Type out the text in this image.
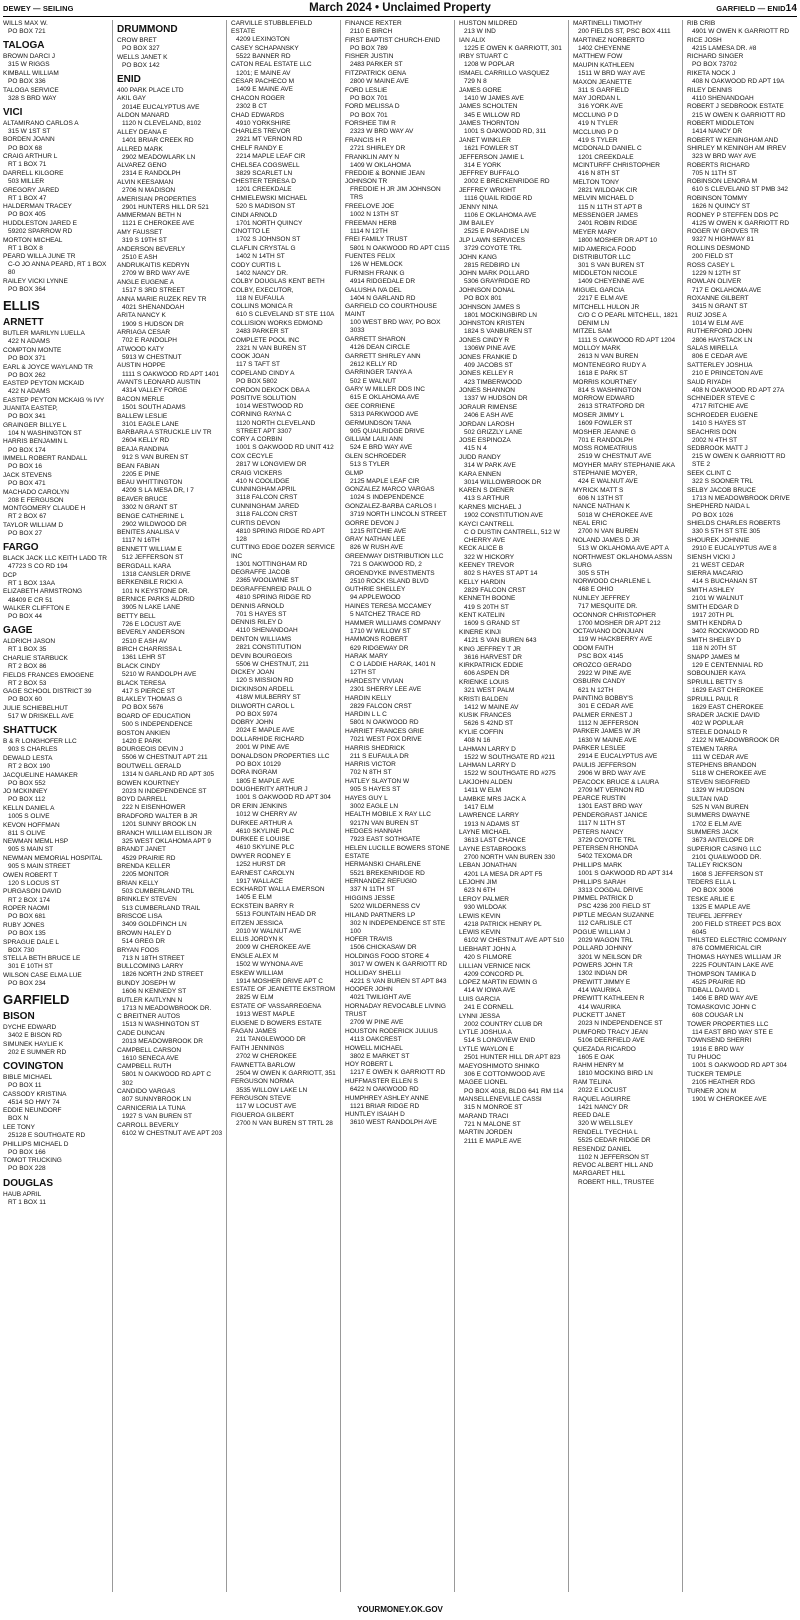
DEWEY — SEILING	March 2024 • Unclaimed Property	GARFIELD — ENID14
WILLS MAX W.
PO BOX 721
TALOGA
BROWN DARCI J
315 W RIGGS
KIMBALL WILLIAM
PO BOX 336
TALOGA SERVICE
328 S BRD WAY
VICI
ALTAMIRANO CARLOS A
315 W 1ST ST
BORDEN JOANN
PO BOX 68
CRAIG ARTHUR L
RT 1 BOX 71
DARRELL KILGORE
503 MILLER
GREGORY JARED
RT 1 BOX 47
HALDERMAN TRACEY
PO BOX 405
HUDDLESTON JARED E
59202 SPARROW RD
MORTON MICHEAL
RT 1 BOX 8
PEARD WILLA JUNE TR
C-O JO ANNA PEARD, RT 1 BOX 80
RAILEY VICKI LYNNE
PO BOX 364
ELLIS
ARNETT
BUTLER MARILYN LUELLA
422 N ADAMS
COMPTON MONTE
PO BOX 371
EARL & JOYCE WAYLAND TR
PO BOX 262
EASTEP PEYTON MCKAID
422 N ADAMS
EASTEP PEYTON MCKAIG % IVY JUANITA EASTEP,
PO BOX 341
GRAINGER BILLYE L
104 N WASHINGTON ST
HARRIS BENJAMIN L
PO BOX 174
IMMELL ROBERT RANDALL
PO BOX 16
JACK STEVENS
PO BOX 471
MACHADO CAROLYN
208 E FERGUSON
MONTGOMERY CLAUDE H
RT 2 BOX 67
TAYLOR WILLIAM D
PO BOX 27
FARGO
BLACK JACK LLC KEITH LADD TR
47723 S CO RD 194
DCP
RT 1 BOX 13AA
ELIZABETH ARMSTRONG
48409 E CR 51
WALKER CLIFFTON E
PO BOX 44
GAGE
ALDRICH JASON
RT 1 BOX 35
CHARLIE STARBUCK
RT 2 BOX 86
FIELDS FRANCES EMOGENE
RT 2 BOX 53
GAGE SCHOOL DISTRICT 39
PO BOX 60
JULIE SCHIEBELHUT
517 W DRISKELL AVE
SHATTUCK
B & R LONGHOFER LLC
903 S CHARLES
DEWALD LESTA
RT 2 BOX 190
JACQUELINE HAMAKER
PO BOX 552
JO MCKINNEY
PO BOX 112
KELLN DANIEL A
1005 S OLIVE
KEVON HOFFMAN
811 S OLIVE
NEWMAN MEML HSP
905 S MAIN ST
NEWMAN MEMORIAL HOSPITAL
905 S MAIN STREET
OWEN ROBERT T
120 S LOCUS ST
PURGASON DAVID
RT 2 BOX 174
ROPER NAOMI
PO BOX 681
RUBY JONES
PO BOX 135
SPRAGUE DALE L
BOX 730
STELLA BETH BRUCE LE
301 E 10TH ST
WILSON CASE ELMA LUE
PO BOX 234
GARFIELD
BISON
DYCHE EDWARD
3402 E BISON RD
SIMUNEK HAYLIE K
202 E SUMNER RD
COVINGTON
BIBLE MICHAEL
PO BOX 11
CASSODY KRISTINA
4514 SO HWY 74
EDDIE NEUNDORF
BOX N
LEE TONY
25128 E SOUTHGATE RD
PHILLIPS MICHAEL D
PO BOX 166
TOMOT TRUCKING
PO BOX 228
DOUGLAS
HAUB APRIL
RT 1 BOX 11
DRUMMOND
CROW BRET
PO BOX 327
WELLS JANET K
PO BOX 142
ENID
400 PARK PLACE LTD
AKIL GAY
2014E EUCALYPTUS AVE
ALDON MANARD
1120 N CLEVELAND, 8102
ALLEY DEANA E
1401 BRIAR CREEK RD
ALLRED MARK
2902 MEADOWLARK LN
ALVAREZ GENO
2314 E RANDOLPH
ALVIN KEESAMAN
2706 N MADISON
AMERISIAN PROPERTIES
2901 HUNTERS HILL DR 521
AMMERMAN BETH N
1121 E CHEROKEE AVE
AMY FAUSSET
319 S 19TH ST
ANDERSON BEVERLY
2510 E ASH
ANDRUKAITIS KEDRYN
2709 W BRD WAY AVE
ANGLE EUGENE A
1517 S 3RD STREET
ANNA MARIE RUZEK REV TR
4021 SHENANDOAH
ARITA NANCY K
1909 S HUDSON DR
ARRIAGA CESAR
702 E RANDOLPH
ATWOOD KATY
5913 W CHESTNUT
AUSTIN HOPPE
1111 S OAKWOOD RD APT 1401
AVANTS LEONARD AUSTIN
4314 VALLEY FORGE
BACON MERLE
1501 SOUTH ADAMS
BALLEW LESLIE
3101 EAGLE LANE
BARBARA A STRUCKLE LIV TR
2604 KELLY RD
BEAJA RANDINA
912 S VAN BUREN ST
BEAN FABIAN
2205 E PINE
BEAU WHITTINGTON
4209 S LA MESA DR, I 7
BEAVER BRUCE
3302 N GRANT ST
BENGE CATHERINE L
2902 WILDWOOD DR
BENITES ANALISA V
1117 N 16TH
BENNETT WILLIAM E
512 JEFFERSON ST
BERGDALL KARA
1318 CANSLER DRIVE
BERKENBILE RICKI A
101 N KEYSTONE DR.
BERNICE PARKS ALDRID
3905 N LAKE LANE
BETTY BELL
726 E LOCUST AVE
BEVERLY ANDERSON
2510 E ASH AV
BIRCH CHARRISSA L
1361 LEHR ST
BLACK CINDY
5210 W RANDOLPH AVE
BLACK TERESA
417 S PIERCE ST
BLAKLEY THOMAS G
PO BOX 5676
BOARD OF EDUCATION
500 S INDEPENDENCE
BOSTON ANKIEN
1420 E PARK
BOURGEOIS DEVIN J
5506 W CHESTNUT APT 211
BOUTWELL GERALD
1314 N GARLAND RD APT 305
BOWEN KOURTNEY
2023 N INDEPENDENCE ST
BOYD DARRELL
222 N EISENHOWER
BRADFORD WALTER B JR
1201 SUNNY BROOK LN
BRANCH WILLIAM ELLISON JR
325 WEST OKLAHOMA APT 9
BRANDT JANET
4529 PRAIRIE RD
BRENDA KELLER
2205 MONITOR
BRIAN KELLY
503 CUMBERLAND TRL
BRINKLEY STEVEN
513 CUMBERLAND TRAIL
BRISCOE LISA
3409 GOLDFINCH LN
BROWN HALEY D
514 GREG DR
BRYAN FOOS
713 N 18TH STREET
BULLCOMING LARRY
1826 NORTH 2ND STREET
BUNDY JOSEPH W
1606 N KENNEDY ST
BUTLER KAITLYNN N
1713 N MEADOWBROOK DR.
C BREITNER AUTOS
1513 N WASHINGTON ST
CADE DUNCAN
2013 MEADOWBROOK DR
CAMPBELL CARSON
1610 SENECA AVE
CAMPBELL RUTH
5801 N OAKWOOD RD APT C 302
CANDIDO VARGAS
807 SUNNYBROOK LN
CARNICERIA LA TUNA
1927 S VAN BUREN ST
CARROLL BEVERLY
6102 W CHESTNUT AVE APT 203
CARVILLE STUBBLEFIELD ESTATE
4209 LEXINGTON
CASEY SCHAPANSKY
5522 BANNER RD
CATON REAL ESTATE LLC
1201; E MAINE AV
CESAR PACHECO M
1409 E MAINE AVE
CHACON ROGER
2302 B CT
CHAD EDWARDS
4910 YORKSHIRE
CHARLES TREVOR
2921 MT VERNON RD
CHELF RANDY E
2214 MAPLE LEAF CIR
CHELSEA COGSWELL
3829 SCARLET LN
CHESTER TERESA D
1201 CREEKDALE
CHMIELEWSKI MICHAEL
520 S MADISON ST
CINDI ARNOLD
1701 NORTH QUINCY
CINOTTO LE
1702 S JOHNSON ST
CLAFLIN CRYSTAL G
1402 N 14TH ST
CODY CURTIS L
1402 NANCY DR.
COLBY DOUGLAS KENT BETH COLBY, EXECUTOR,
118 N EUFAULA
COLLINS MONICA R
610 S CLEVELAND ST STE 110A
COLLISION WORKS EDMOND
2483 PARKER ST
COMPLETE POOL INC
2321 N VAN BUREN ST
COOK JOAN
117 S TAFT ST
COPELAND CINDY A
PO BOX 5802
CORDON DEKOCK DBA A POSITIVE SOLUTION
1014 WESTWOOD RD
CORNING RAYNA C
1120 NORTH CLEVELAND STREET APT 3307
CORY A CORBIN
1001 S OAKWOOD RD UNIT 412
COX CECYLE
2817 W LONGVIEW DR
CRAIG VICKERS
410 N COOLIDGE
CUNNINGHAM APRIL
3118 FALCON CRST
CUNNINGHAM JARED
3118 FALCON CRST
CURTIS DEVON
4810 SPRING RIDGE RD APT 128
CUTTING EDGE DOZER SERVICE INC
1301 NOTTINGHAM RD
DEGRAFFE JACOB
2365 WOOLWINE ST
DEGRAFFENREID PAUL O
4810 SPRING RIDGE RD
DENNIS ARNOLD
701 S HAYES ST
DENNIS RILEY D
4110 SHENANDOAH
DENTON WILLIAMS
2821 CONSTITUTION
DEVIN BOURGEOIS
5506 W CHESTNUT, 211
DICKEY JOAN
120 S MISSION RD
DICKINSON ARDELL
418W MULBERRY ST
DILWORTH CAROL L
PO BOX 5974
DOBRY JOHN
2024 E MAPLE AVE
DOLLARHIDE RICHARD
2001 W PINE AVE
DONALDSON PROPERTIES LLC
PO BOX 10129
DORA INGRAM
1805 E MAPLE AVE
DOUGHERITY ARTHUR J
1001 S OAKWOOD RD APT 304
DR ERIN JENKINS
1012 W CHERRY AV
DURKEE ARTHUR A
4610 SKYLINE PLC
DURKEE E LOUISE
4610 SKYLINE PLC
DWYER RODNEY E
1252 HURST DR
EARNEST CAROLYN
1917 WALLACE
ECKHARDT WALLA EMERSON
1405 E ELM
ECKSTEIN BARRY R
5513 FOUNTAIN HEAD DR
EITZEN JESSICA
2010 W WALNUT AVE
ELLIS JORDYN K
2009 W CHEROKEE AVE
ENGLE ALEX M
1502 W WYNONA AVE
ESKEW WILLIAM
1914 MOSHER DRIVE APT C
ESTATE OF JEANETTE EKSTROM
2825 W ELM
ESTATE OF VASSARREGENA
1913 WEST MAPLE
EUGENE D BOWERS ESTATE
FAGAN JAMES
211 TANGLEWOOD DR
FAITH JENNINGS
2702 W CHEROKEE
FAWNETTA BARLOW
2504 W OWEN K GARRIOTT, 351
FERGUSON NORMA
3535 WILLOW LAKE LN
FERGUSON STEVE
117 W LOCUST AVE
FIGUEROA GILBERT
2700 N VAN BUREN ST TRTL 28
FINANCE REXTER
2110 E BIRCH
FIRST BAPTIST CHURCH-ENID
PO BOX 789
FISHER JUSTIN
2483 PARKER ST
FITZPATRICK GENA
2800 W MAINE AVE
FORD LESLIE
PO BOX 701
FORD MELISSA D
PO BOX 701
FORSHEE TIM R
2323 W BRD WAY AV
FRANCIS H R
2721 SHIRLEY DR
FRANKLIN AMY N
1409 W OKLAHOMA
FREDDIE & BONNIE JEAN JOHNSON TR
FREDDIE H JR JIM JOHNSON TRS
FREELOVE JOE
1002 N 13TH ST
FREEMAN HERB
1114 N 12TH
FREI FAMILY TRUST
5801 N OAKWOOD RD APT C115
FUENTES FELIX
126 W HEMLOCK
FURNISH FRANK G
4914 RIDGEDALE DR
GALUSHA IVA DEL
1404 N GARLAND RD
GARFIELD CO COURTHOUSE MAINT
100 WEST BRD WAY, PO BOX 3033
GARRETT SHARON
4126 DEAN CIRCLE
GARRETT SHIRLEY ANN
2612 KELLY RD
GARRINGER TANYA A
502 E WALNUT
GARY W MILLER DDS INC
615 E OKLAHOMA AVE
GEE CORRIENE
5313 PARKWOOD AVE
GERMUNDSON TANA
905 QUAILRIDGE DRIVE
GILLIAM LAILI ANN
524 E BRD WAY AVE
GLEN SCHROEDER
513 S TYLER
GLMP
2125 MAPLE LEAF CIR
GONZALEZ MARCO VARGAS
1024 S INDEPENDENCE
GONZALEZ-BARBA CARLOS I
3719 NORTH LINCOLN STREET
GORRE DEVON J
1215 RITCHIE AVE
GRAY NATHAN LEE
826 W RUSH AVE
GREENWAY DISTRIBUTION LLC
721 S OAKWOOD RD, 2
GROENDYKE INVESTMENTS
2510 ROCK ISLAND BLVD
GUTHRIE SHELLEY
94 APPLEWOOD
HAINES TERESA MCCAMEY
5 NATCHEZ TRACE RD
HAMMER WILLIAMS COMPANY
1710 W WILLOW ST
HAMMONS ROBERT
629 RIDGEWAY DR
HARAK MARY
C O LADDIE HARAK, 1401 N 12TH ST
HARDESTY VIVIAN
2301 SHERRY LEE AVE
HARDIN KELLY
2829 FALCON CRST
HARDIN L L C
5801 N OAKWOOD RD
HARRIET FRANCES GRIE
7021 WEST FOX DRIVE
HARRIS SHEDRICK
211 S EUFAULA DR
HARRIS VICTOR
702 N 8TH ST
HATLEY SLAYTON W
905 S HAYES ST
HAYES GUY L
3002 EAGLE LN
HEALTH MOBILE X RAY LLC
9217N VAN BUREN ST
HEDGES HANNAH
7923 EAST SOTHGATE
HELEN LUCILLE BOWERS STONE ESTATE
HERMANSKI CHARLENE
5521 BREKENRIDGE RD
HERNANDEZ REFUGIO
337 N 11TH ST
HIGGINS JESSE
5202 WILDERNESS CV
HILAND PARTNERS LP
302 N INDEPENDENCE ST STE 100
HOFER TRAVIS
1506 CHICKASAW DR
HOLDINGS FOOD STORE 4
3017 W OWEN K GARRIOTT RD
HOLLIDAY SHELLI
4221 S VAN BUREN ST APT 843
HOOPER JOHN
4021 TWILIGHT AVE
HORNADAY REVOCABLE LIVING TRUST
2709 W PINE AVE
HOUSTON RODERICK JULIUS
4113 OAKCREST
HOWELL MICHAEL
3802 E MARKET ST
HOY ROBERT L
1217 E OWEN K GARRIOTT RD
HUFFMASTER ELLEN S
6422 N OAKWOOD RD
HUMPHREY ASHLEY ANNE
1121 BRIAR RIDGE RD
HUNTLEY ISAIAH D
3610 WEST RANDOLPH AVE
HUSTON MILDRED
213 W IND
IAN ALIX
1225 E OWEN K GARRIOTT, 301
IRBY STUART C
1208 W POPLAR
ISMAEL CARRILLO VASQUEZ
729 N 8
JAMES GORE
1410 W JAMES AVE
JAMES SCHOLTEN
345 E WILLOW RD
JAMES THORNTON
1001 S OAKWOOD RD, 311
JANET WINKLER
1621 FOWLER ST
JEFFERSON JAMIE L
314 E YORK
JEFFREY BUFFALO
2002 E BRECKENRIDGE RD
JEFFREY WRIGHT
1116 QUAIL RIDGE RD
JENNY NINA
1106 E OKLAHOMA AVE
JIM BAILEY
2525 E PARADISE LN
JLP LAWN SERVICES
3729 COYOTE TRL
JOHN KANG
2815 REDBIRD LN
JOHN MARK POLLARD
5306 GRAYRIDGE RD
JOHNSON DONAL
PO BOX 801
JOHNSON JAMES S
1801 MOCKINGBIRD LN
JOHNSTON KRISTEN
1824 S VANBUREN ST
JONES CINDY R
1306W PINE AVE
JONES FRANKIE D
409 JACOBS ST
JONES KELLEY R
423 TIMBERWOOD
JONES SHANNON
1337 W HUDSON DR
JORAUR RIMENSE
2406 E ASH AVE
JORDAN LAROSH
502 GRIZZLY LANE
JOSE ESPINOZA
415 N 4
JUDD RANDY
314 W PARK AVE
KARA ENNEN
3014 WILLOWBROOK DR
KAREN S DIENER
413 S ARTHUR
KARNES MICHAEL J
1902 CONSTITUTION AVE
KAYCI CANTRELL
C O DUSTIN CANTRELL, 512 W CHERRY AVE
KECK ALICE B
322 W HICKORY
KEENEY TREVOR
802 S HAYES ST APT 14
KELLY HARDIN
2829 FALCON CRST
KENNETH BOONE
419 S 20TH ST
KENT KATELIN
1609 S GRAND ST
KINERE KINJI
4121 S VAN BUREN 643
KING JEFFREY T JR
3616 HARVEST DR
KIRKPATRICK EDDIE
606 ASPEN DR
KRIENKE LOUIS
321 WEST PALM
KRISTI BALDEN
1412 W MAINE AV
KUSIK FRANCES
5626 S 42ND ST
KYLIE COFFIN
408 N 16
LAHMAN LARRY D
1522 W SOUTHGATE RD #211
LAHMAN LARRY D
1522 W SOUTHGATE RD #275
LAKJOHN ALDEN
1411 W ELM
LAMBKE MRS JACK A
1417 ELM
LAWRENCE LARRY
1913 N ADAMS ST
LAYNE MICHAEL
3613 LAST CHANCE
LAYNE ESTABROOKS
2700 NORTH VAN BUREN 330
LEBAN JONATHAN
4201 LA MESA DR APT F5
LEJOHN JIM
623 N 6TH
LEROY PALMER
930 WILDOAK
LEWIS KEVIN
4218 PATRICK HENRY PL
LEWIS KEVIN
6102 W CHESTNUT AVE APT 510
LIEBHART JOHN A
420 S FILMORE
LILLIAN VERNICE NICK
4209 CONCORD PL
LOPEZ MARTIN EDWIN G
414 W IOWA AVE
LUIS GARCIA
241 E CORNELL
LYNNI JESSA
2002 COUNTRY CLUB DR
LYTLE JOSHUA A
514 S LONGVIEW ENID
LYTLE WAYLON E
2501 HUNTER HILL DR APT 823
MAEYOSHIMOTO SHINKO
306 E COTTONWOOD AVE
MAGEE LIONEL
PO BOX 4018, BLDG 641 RM 114
MANSELLENEVILLE CASSI
315 N MONROE ST
MARAND TRACI
721 N MALONE ST
MARTIN JORDEN
2111 E MAPLE AVE
MARTINELLI TIMOTHY
200 FIELDS ST, PSC BOX 4111
MARTINEZ NORBERTO
1402 CHEYENNE
MATTHEW FOW
MAUPIN KATHLEEN
1511 W BRD WAY AVE
MAXON JEANETTE
311 S GARFIELD
MAY JORDAN L
316 YORK AVE
MCCLUNG P D
419 N TYLER
MCCLUNG P D
419 S TYLER
MCDONALD DANIEL C
1201 CREEKDALE
MCINTURFF CHRISTOPHER
416 N 8TH ST
MELTON TONY
2821 WILDOAK CIR
MELVIN MICHAEL D
115 N 11TH ST APT B
MESSENGER JAMES
2401 ROBIN RIDGE
MEYER MARY
1800 MOSHER DR APT 10
MID AMERICA FOOD DISTRIBUTOR LLC
301 S VAN BUREN ST
MIDDLETON NICOLE
1409 CHEYENNE AVE
MIGUEL GARCIA
2217 E ELM AVE
MITCHELL HULON JR
C/O C O PEARL MITCHELL, 1821 DENIM LN
MITZEL SAM
1111 S OAKWOOD RD APT 1204
MOLLOY MARK
2613 N VAN BUREN
MONTENEGRO RUDY A
1618 E PARK ST
MORRIS KOURTNEY
814 S WASHINGTON
MORROW EDWARD
2613 STRATFORD DR
MOSER JIMMY L
1609 FOWLER ST
MOSHER JEANNE G
701 E RANDOLPH
MOSS ROMEATRIUS
2519 W CHESTNUT AVE
MOYHER MARY STEPHANIE AKA STEPHANIE MOYER,
424 E WALNUT AVE
MYRICK MATT S
606 N 13TH ST
NANCE NATHAN K
5018 W CHEROKEE AVE
NEAL ERIC
2700 N VAN BUREN
NOLAND JAMES D JR
513 W OKLAHOMA AVE APT A
NORTHWEST OKLAHOMA ASSN SURG
305 S 5TH
NORWOOD CHARLENE L
468 E OHIO
NUNLEY JEFFREY
717 MESQUITE DR.
OCONNOR CHRISTOPHER
1700 MOSHER DR APT 212
OCTAVIANO DONJUAN
119 W HACKBERRY AVE
ODOM FAITH
PSC BOX 4145
OROZCO GERADO
2922 W PINE AVE
OSBURN CANDY
621 N 12TH
PAINTING BOBBY'S
301 E CEDAR AVE
PALMER ERNEST J
1112 N JEFFERSON
PARKER JAMES W JR
1630 W MAINE AVE
PARKER LESLEE
2914 E EUCALYPTUS AVE
PAULIS JEFFERSON
2906 W BRD WAY AVE
PEACOCK BRUCE & LAURA
2709 MT VERNON RD
PEARCE RUSTIN
1301 EAST BRD WAY
PENDERGRAST JANICE
1117 N 11TH ST
PETERS NANCY
3729 COYOTE TRL
PETERSEN RHONDA
5402 TEXOMA DR
PHILLIPS MARK
1001 S OAKWOOD RD APT 314
PHILLIPS SARAH
3313 COGDAL DRIVE
PIMMEL PATRICK D
PSC 4236 200 FIELD ST
PIPTLE MEGAN SUZANNE
112 CARLISLE CT
POGUE WILLIAM J
2029 WAGON TRL
POLLARD JOHNNY
3201 W NEILSON DR
POWERS JOHN T.R
1302 INDIAN DR
PREWITT JIMMY E
414 WAURIKA
PREWITT KATHLEEN R
414 WAURIKA
PUCKETT JANET
2023 N INDEPENDENCE ST
PUMFORD TRACY JEAN
5106 DEERFIELD AVE
QUEZADA RICARDO
1605 E OAK
RAHM HENRY M
1810 MOCKING BIRD LN
RAM TELINA
2022 E LOCUST
RAQUEL AGUIRRE
1421 NANCY DR
REED DALE
320 W WELLSLEY
RENDELL TYECHIA L
5525 CEDAR RIDGE DR
RESENDIZ DANIEL
1102 N JEFFERSON ST
REVOC ALBERT HILL AND MARGARET HILL
ROBERT HILL, TRUSTEE
RIB CRIB
4901 W OWEN K GARRIOTT RD
RICE JOSH
4215 LAMESA DR. #8
RICHARD SINGER
PO BOX 73702
RIKETA NOCK J
408 N OAKWOOD RD APT 19A
RILEY DENNIS
4110 SHENANDOAH
ROBERT J SEDBROOK ESTATE
215 W OWEN K GARRIOTT RD
ROBERT MIDDLETON
1414 NANCY DR
ROBERT W KENINGHAM AND SHIRLEY M KENINGH AM IRREV
323 W BRD WAY AVE
ROBERTS RICHARD
705 N 11TH ST
ROBINSON LENORA M
610 S CLEVELAND ST PMB 342
ROBINSON TOMMY
1626 N QUINCY ST
RODNEY P STEFFEN DDS PC
4125 W OWEN K GARRIOTT RD
ROGER W GROVES TR
9327 N HIGHWAY 81
ROLLINS DESMOND
200 FIELD ST
ROSS CASEY L
1229 N 12TH ST
ROWLAN OLIVER
717 E OKLAHOMA AVE
ROXANNE GILBERT
3415 N GRANT ST
RUIZ JOSE A
1014 W ELM AVE
RUTHERFORD JOHN
2806 HAYSTACK LN
SALAS MIRELLA
806 E CEDAR AVE
SATTERLEY JOSHUA
210 E PRINCETON AVE
SAUD RIYADH
408 N OAKWOOD RD APT 27A
SCHNEIDER STEVE C
4717 RITCHIE AVE
SCHROEDER EUGENE
1410 S HAYES ST
SEACHRIS DON
2002 N 4TH ST
SEDBROOK MATT J
215 W OWEN K GARRIOTT RD STE 2
SEEK CLINT C
322 S SOONER TRL
SELBY JACOB BRUCE
1713 N MEADOWBROOK DRIVE
SHEPHERD NAIDA L
PO BOX 1026
SHIELDS CHARLES ROBERTS
330 S 5TH ST STE 305
SHOUREK JOHNNIE
2910 E EUCALYPTUS AVE 8
SIENSH VICKI J
21 WEST CEDAR
SIERRA MACARIO
414 S BUCHANAN ST
SMITH ASHLEY
2101 W WALNUT
SMITH EDGAR D
1917 20TH PL
SMITH KENDRA D
3402 ROCKWOOD RD
SMITH SHELBY D
118 N 20TH ST
SNAPP JAMES M
129 E CENTENNIAL RD
SOBOUNJER KAYA
SPRUILL BETTY S
1629 EAST CHEROKEE
SPRUILL PAUL R
1629 EAST CHEROKEE
SRADER JACKIE DAVID
402 W POPULAR
STEELE DONALD R
2122 N MEADOWBROOK DR
STEMEN TARRA
111 W CEDAR AVE
STEPHENS BRANDON
5118 W CHEROKEE AVE
STEVEN SIEGFRIED
1329 W HUDSON
SULTAN IVAD
525 N VAN BUREN
SUMMERS DWAYNE
1702 E ELM AVE
SUMMERS JACK
3673 ANTELOPE DR
SUPERIOR CASING LLC
2101 QUAILWOOD DR.
TALLEY RICKSON
1608 S JEFFERSON ST
TEDERS ELLA L
PO BOX 3006
TESKE ARLIE E
1325 E MAPLE AVE
TEUFEL JEFFREY
200 FIELD STREET PCS BOX 6045
THILSTED ELECTRIC COMPANY
876 COMMERICAL CIR
THOMAS HAYNES WILLIAM JR
2225 FOUNTAIN LAKE AVE
THOMPSON TAMIKA D
4525 PRAIRIE RD
TIDBALL DAVID L
1406 E BRD WAY AVE
TOMASKOVIC JOHN C
608 COUGAR LN
TOWER PROPERTIES LLC
114 EAST BRD WAY STE E
TOWNSEND SHERRI
1916 E BRD WAY
TU PHUOC
1001 S OAKWOOD RD APT 304
TUCKER TEMPLE
2105 HEATHER RDG
TURNER JON M
1901 W CHEROKEE AVE
YOURMONEY.OK.GOV
